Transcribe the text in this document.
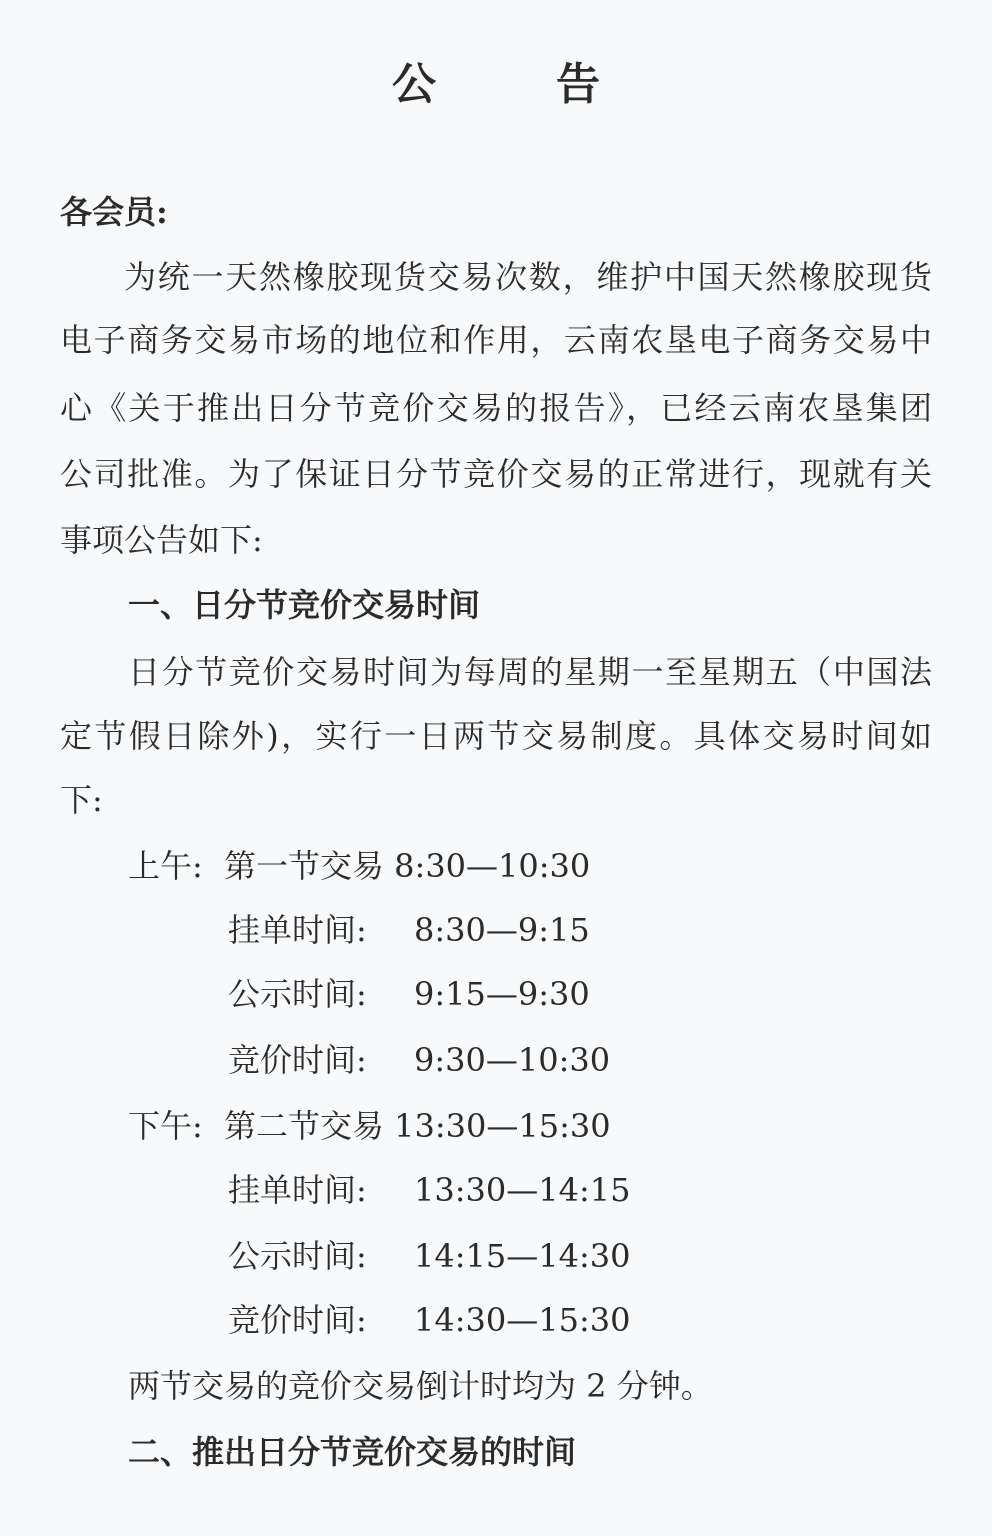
公告
各会员:
为统一天然橡胶现货交易次数，维护中国天然橡胶现货
电子商务交易市场的地位和作用，云南农垦电子商务交易中
心《关于推出日分节竞价交易的报告》，已经云南农垦集团
公司批准。为了保证日分节竞价交易的正常进行，现就有关
事项公告如下:
一、日分节竞价交易时间
日分节竞价交易时间为每周的星期一至星期五（中国法
定节假日除外)，实行一日两节交易制度。具体交易时间如
下:
上午: 第一节交易 8:30—10:30
挂单时间: 8:30—9:15
公示时间: 9:15—9:30
竞价时间: 9:30—10:30
下午: 第二节交易 13:30—15:30
挂单时间: 13:30—14:15
公示时间: 14:15—14:30
竞价时间: 14:30—15:30
两节交易的竞价交易倒计时均为 2 分钟。
二、推出日分节竞价交易的时间
